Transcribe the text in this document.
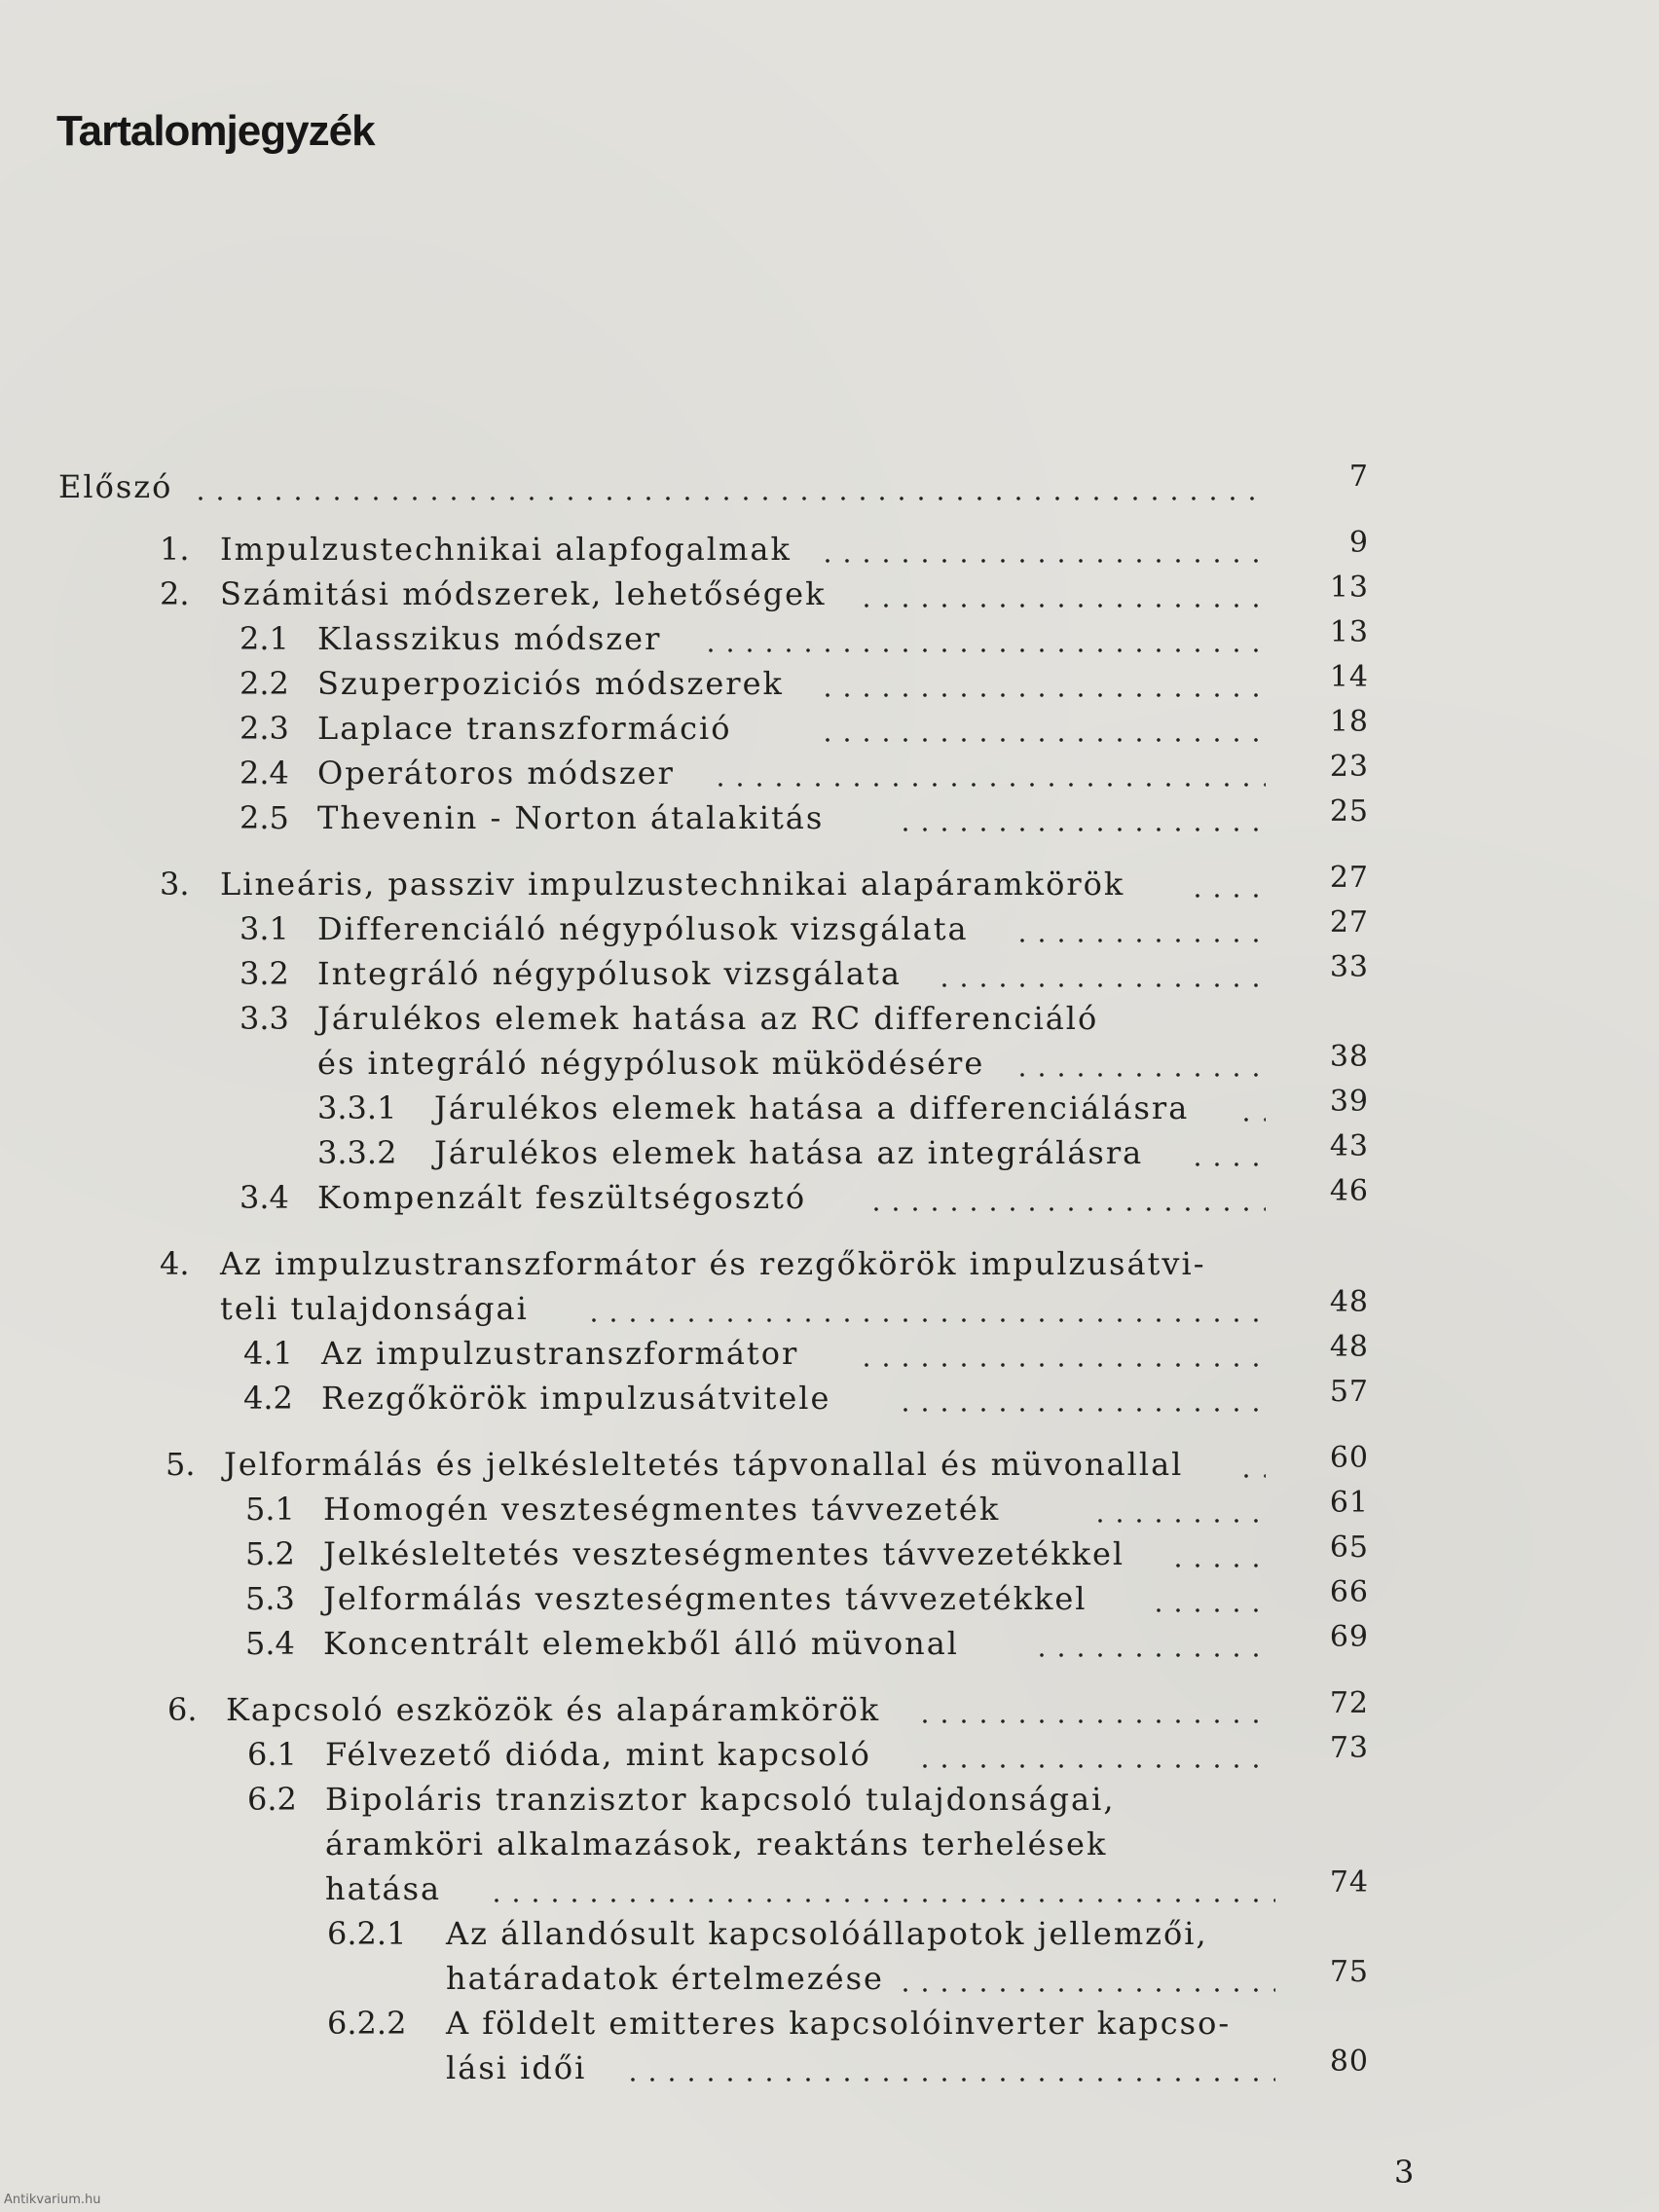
Tartalomjegyzék
Előszó	7
1. Impulzustechnikai alapfogalmak	9
2. Számitási módszerek, lehetőségek	13
2.1 Klasszikus módszer	13
2.2 Szuperpoziciós módszerek	14
2.3 Laplace transzformáció	18
2.4 Operátoros módszer	23
2.5 Thevenin - Norton átalakitás	25
3. Lineáris, passziv impulzustechnikai alapáramkörök	27
3.1 Differenciáló négypólusok vizsgálata	27
3.2 Integráló négypólusok vizsgálata	33
3.3 Járulékos elemek hatása az RC differenciáló
és integráló négypólusok müködésére	38
3.3.1 Járulékos elemek hatása a differenciálásra	39
3.3.2 Járulékos elemek hatása az integrálásra	43
3.4 Kompenzált feszültségosztó	46
4. Az impulzustranszformátor és rezgőkörök impulzusátvi-
teli tulajdonságai	48
4.1 Az impulzustranszformátor	48
4.2 Rezgőkörök impulzusátvitele	57
5. Jelformálás és jelkésleltetés tápvonallal és müvonallal	60
5.1 Homogén veszteségmentes távvezeték	61
5.2 Jelkésleltetés veszteségmentes távvezetékkel	65
5.3 Jelformálás veszteségmentes távvezetékkel	66
5.4 Koncentrált elemekből álló müvonal	69
6. Kapcsoló eszközök és alapáramkörök	72
6.1 Félvezető dióda, mint kapcsoló	73
6.2 Bipoláris tranzisztor kapcsoló tulajdonságai,
áramköri alkalmazások, reaktáns terhelések
hatása	74
6.2.1 Az állandósult kapcsolóállapotok jellemzői,
határadatok értelmezése	75
6.2.2 A földelt emitteres kapcsolóinverter kapcso-
lási idői	80
3
Antikvarium.hu
